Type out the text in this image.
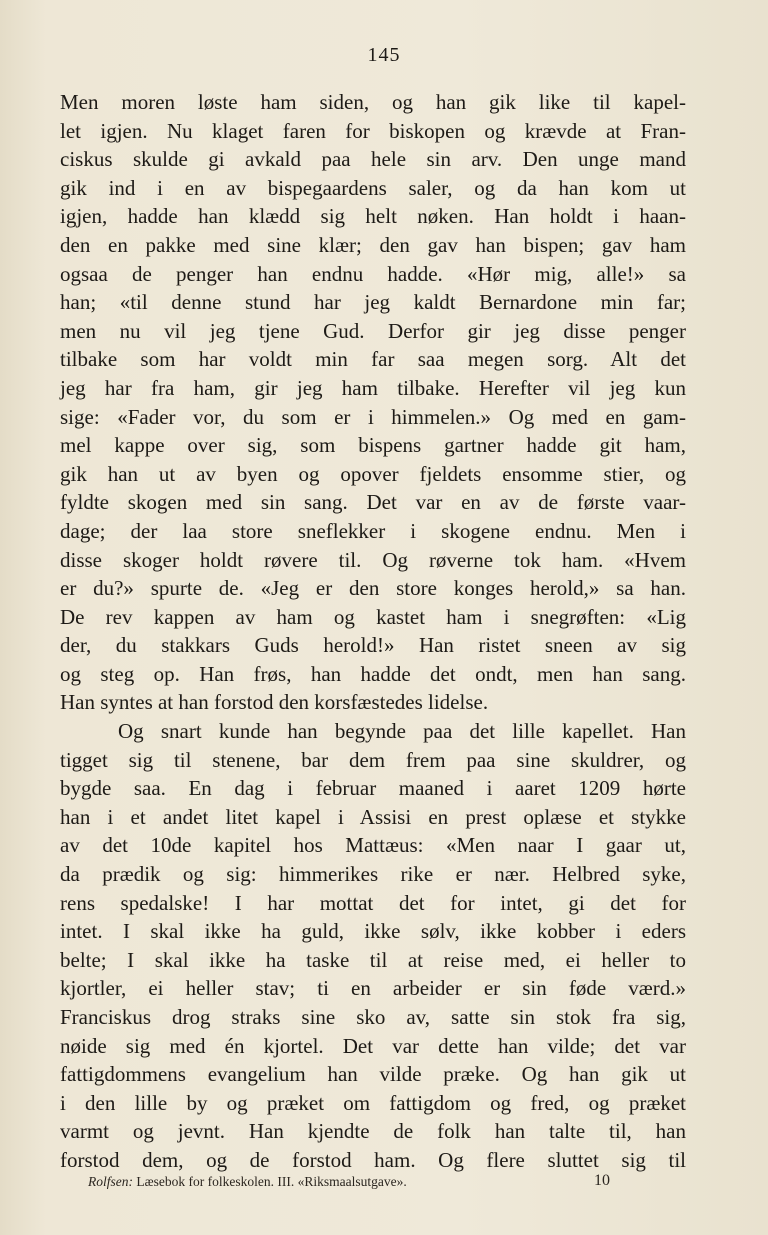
145
Men moren løste ham siden, og han gik like til kapel-
let igjen. Nu klaget faren for biskopen og krævde at Fran-
ciskus skulde gi avkald paa hele sin arv. Den unge mand
gik ind i en av bispegaardens saler, og da han kom ut
igjen, hadde han klædd sig helt nøken. Han holdt i haan-
den en pakke med sine klær; den gav han bispen; gav ham
ogsaa de penger han endnu hadde. «Hør mig, alle!» sa
han; «til denne stund har jeg kaldt Bernardone min far;
men nu vil jeg tjene Gud. Derfor gir jeg disse penger
tilbake som har voldt min far saa megen sorg. Alt det
jeg har fra ham, gir jeg ham tilbake. Herefter vil jeg kun
sige: «Fader vor, du som er i himmelen.» Og med en gam-
mel kappe over sig, som bispens gartner hadde git ham,
gik han ut av byen og opover fjeldets ensomme stier, og
fyldte skogen med sin sang. Det var en av de første vaar-
dage; der laa store sneflekker i skogene endnu. Men i
disse skoger holdt røvere til. Og røverne tok ham. «Hvem
er du?» spurte de. «Jeg er den store konges herold,» sa han.
De rev kappen av ham og kastet ham i snegrøften: «Lig
der, du stakkars Guds herold!» Han ristet sneen av sig
og steg op. Han frøs, han hadde det ondt, men han sang.
Han syntes at han forstod den korsfæstedes lidelse.
Og snart kunde han begynde paa det lille kapellet. Han
tigget sig til stenene, bar dem frem paa sine skuldrer, og
bygde saa. En dag i februar maaned i aaret 1209 hørte
han i et andet litet kapel i Assisi en prest oplæse et stykke
av det 10de kapitel hos Mattæus: «Men naar I gaar ut,
da prædik og sig: himmerikes rike er nær. Helbred syke,
rens spedalske! I har mottat det for intet, gi det for
intet. I skal ikke ha guld, ikke sølv, ikke kobber i eders
belte; I skal ikke ha taske til at reise med, ei heller to
kjortler, ei heller stav; ti en arbeider er sin føde værd.»
Franciskus drog straks sine sko av, satte sin stok fra sig,
nøide sig med én kjortel. Det var dette han vilde; det var
fattigdommens evangelium han vilde præke. Og han gik ut
i den lille by og præket om fattigdom og fred, og præket
varmt og jevnt. Han kjendte de folk han talte til, han
forstod dem, og de forstod ham. Og flere sluttet sig til
Rolfsen: Læsebok for folkeskolen. III. «Riksmaalsutgave».	10
